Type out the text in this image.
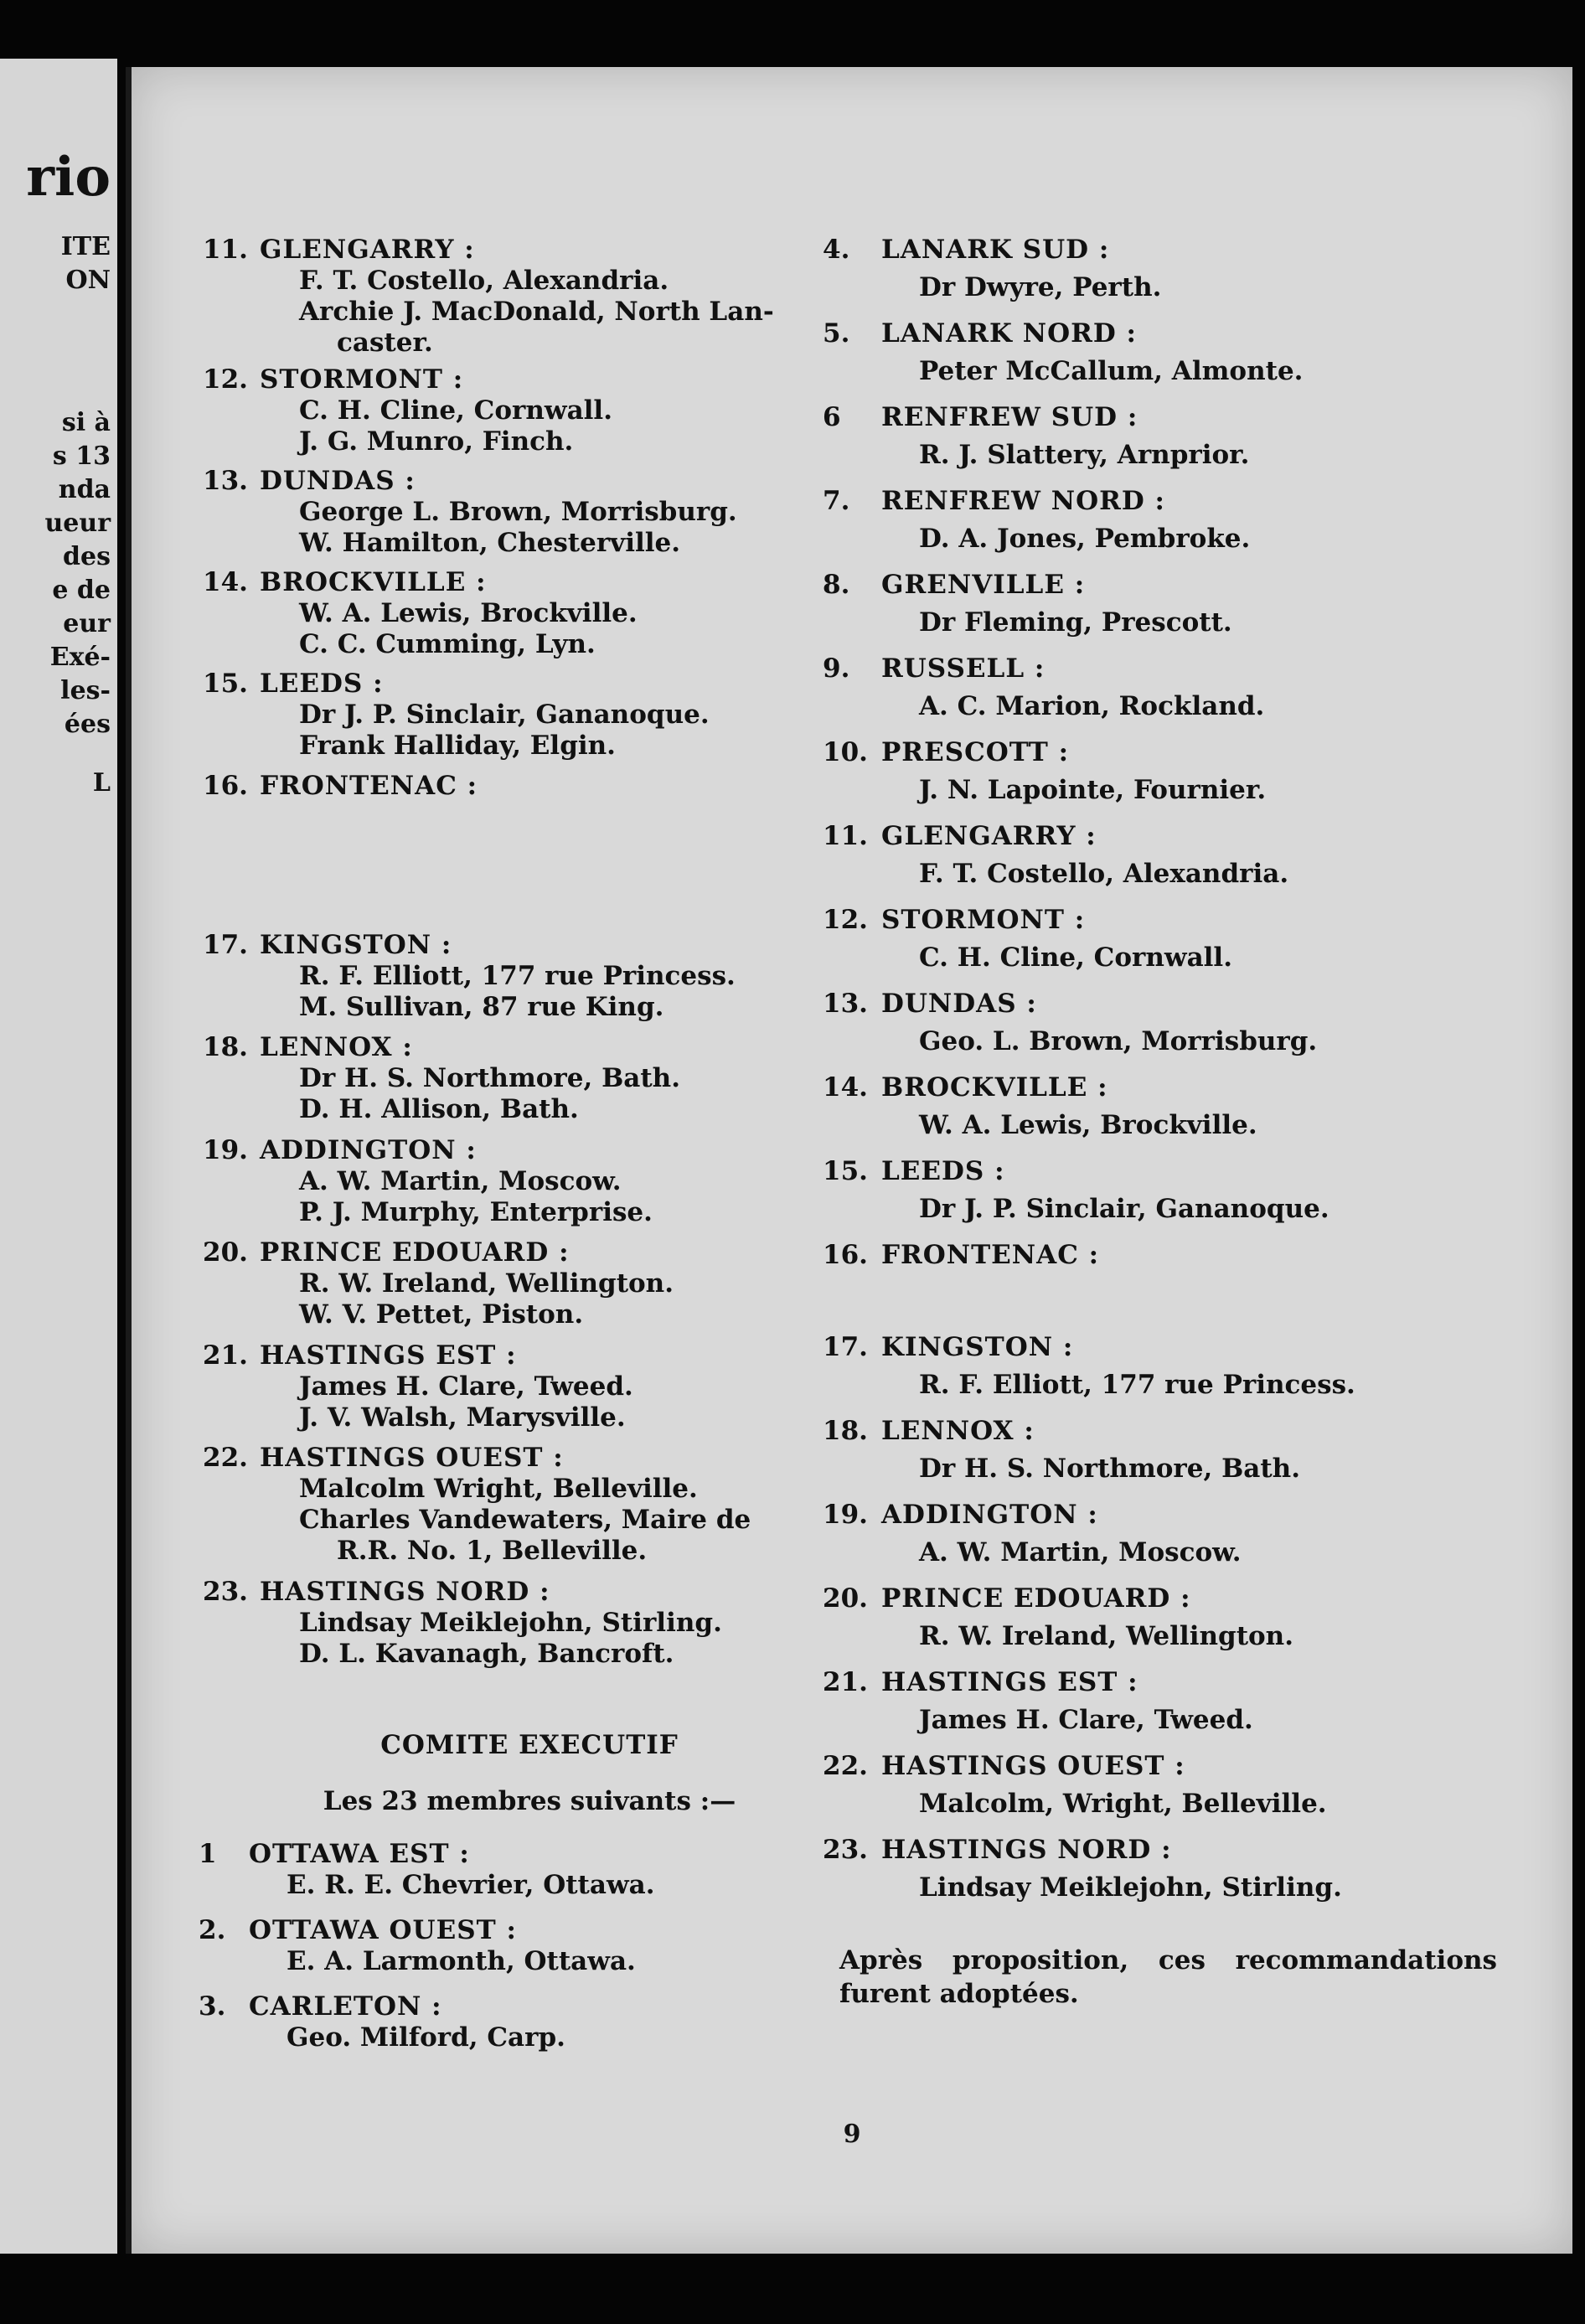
rio
ITE
ON
si à
s 13
nda
ueur
des
e de
eur
Exé-
les-
ées
L
11. GLENGARRY :
F. T. Costello, Alexandria.
Archie J. MacDonald, North Lan-
caster.
12. STORMONT :
C. H. Cline, Cornwall.
J. G. Munro, Finch.
13. DUNDAS :
George L. Brown, Morrisburg.
W. Hamilton, Chesterville.
14. BROCKVILLE :
W. A. Lewis, Brockville.
C. C. Cumming, Lyn.
15. LEEDS :
Dr J. P. Sinclair, Gananoque.
Frank Halliday, Elgin.
16. FRONTENAC :
17. KINGSTON :
R. F. Elliott, 177 rue Princess.
M. Sullivan, 87 rue King.
18. LENNOX :
Dr H. S. Northmore, Bath.
D. H. Allison, Bath.
19. ADDINGTON :
A. W. Martin, Moscow.
P. J. Murphy, Enterprise.
20. PRINCE EDOUARD :
R. W. Ireland, Wellington.
W. V. Pettet, Piston.
21. HASTINGS EST :
James H. Clare, Tweed.
J. V. Walsh, Marysville.
22. HASTINGS OUEST :
Malcolm Wright, Belleville.
Charles Vandewaters, Maire de
R.R. No. 1, Belleville.
23. HASTINGS NORD :
Lindsay Meiklejohn, Stirling.
D. L. Kavanagh, Bancroft.
COMITE EXECUTIF
Les 23 membres suivants :—
1 OTTAWA EST :
E. R. E. Chevrier, Ottawa.
2. OTTAWA OUEST :
E. A. Larmonth, Ottawa.
3. CARLETON :
Geo. Milford, Carp.
4. LANARK SUD :
Dr Dwyre, Perth.
5. LANARK NORD :
Peter McCallum, Almonte.
6 RENFREW SUD :
R. J. Slattery, Arnprior.
7. RENFREW NORD :
D. A. Jones, Pembroke.
8. GRENVILLE :
Dr Fleming, Prescott.
9. RUSSELL :
A. C. Marion, Rockland.
10. PRESCOTT :
J. N. Lapointe, Fournier.
11. GLENGARRY :
F. T. Costello, Alexandria.
12. STORMONT :
C. H. Cline, Cornwall.
13. DUNDAS :
Geo. L. Brown, Morrisburg.
14. BROCKVILLE :
W. A. Lewis, Brockville.
15. LEEDS :
Dr J. P. Sinclair, Gananoque.
16. FRONTENAC :
17. KINGSTON :
R. F. Elliott, 177 rue Princess.
18. LENNOX :
Dr H. S. Northmore, Bath.
19. ADDINGTON :
A. W. Martin, Moscow.
20. PRINCE EDOUARD :
R. W. Ireland, Wellington.
21. HASTINGS EST :
James H. Clare, Tweed.
22. HASTINGS OUEST :
Malcolm, Wright, Belleville.
23. HASTINGS NORD :
Lindsay Meiklejohn, Stirling.
Après proposition, ces recommandations furent adoptées.
9
